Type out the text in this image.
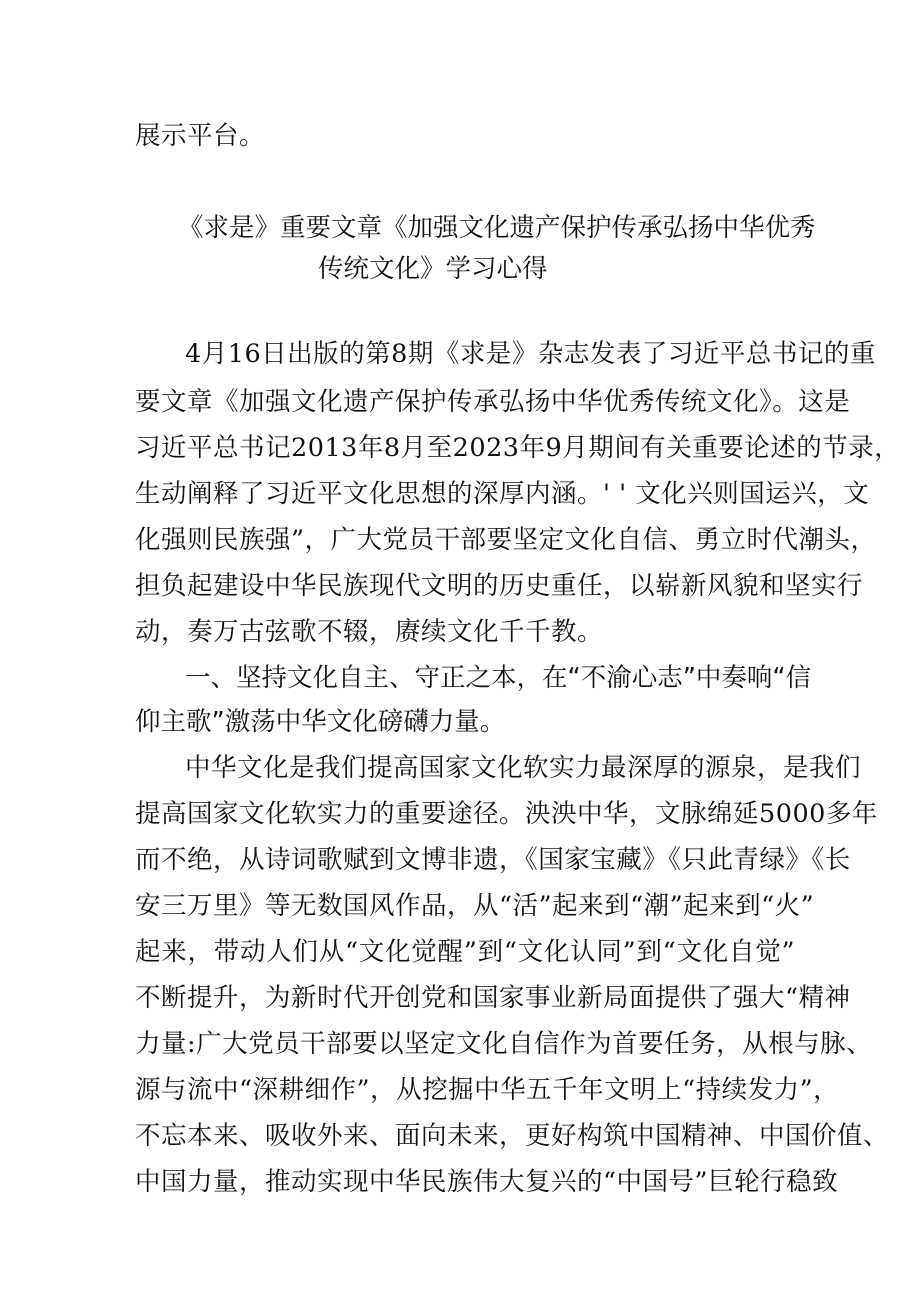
展示平台。
《求是》重要文章《加强文化遗产保护传承弘扬中华优秀
传统文化》学习心得
4月16日出版的第8期《求是》杂志发表了习近平总书记的重
要文章《加强文化遗产保护传承弘扬中华优秀传统文化》。这是
习近平总书记2013年8月至2023年9月期间有关重要论述的节录，
生动阐释了习近平文化思想的深厚内涵。' ' 文化兴则国运兴，文
化强则民族强”，广大党员干部要坚定文化自信、勇立时代潮头，
担负起建设中华民族现代文明的历史重任，以崭新风貌和坚实行
动，奏万古弦歌不辍，赓续文化千千教。
一、坚持文化自主、守正之本，在“不渝心志”中奏响“信
仰主歌”激荡中华文化磅礴力量。
中华文化是我们提高国家文化软实力最深厚的源泉，是我们
提高国家文化软实力的重要途径。泱泱中华，文脉绵延5000多年
而不绝，从诗词歌赋到文博非遗，《国家宝藏》《只此青绿》《长
安三万里》等无数国风作品，从“活”起来到“潮”起来到“火”
起来，带动人们从“文化觉醒”到“文化认同”到“文化自觉”
不断提升，为新时代开创党和国家事业新局面提供了强大“精神
力量:广大党员干部要以坚定文化自信作为首要任务，从根与脉、
源与流中“深耕细作”，从挖掘中华五千年文明上“持续发力”，
不忘本来、吸收外来、面向未来，更好构筑中国精神、中国价值、
中国力量，推动实现中华民族伟大复兴的“中国号”巨轮行稳致
